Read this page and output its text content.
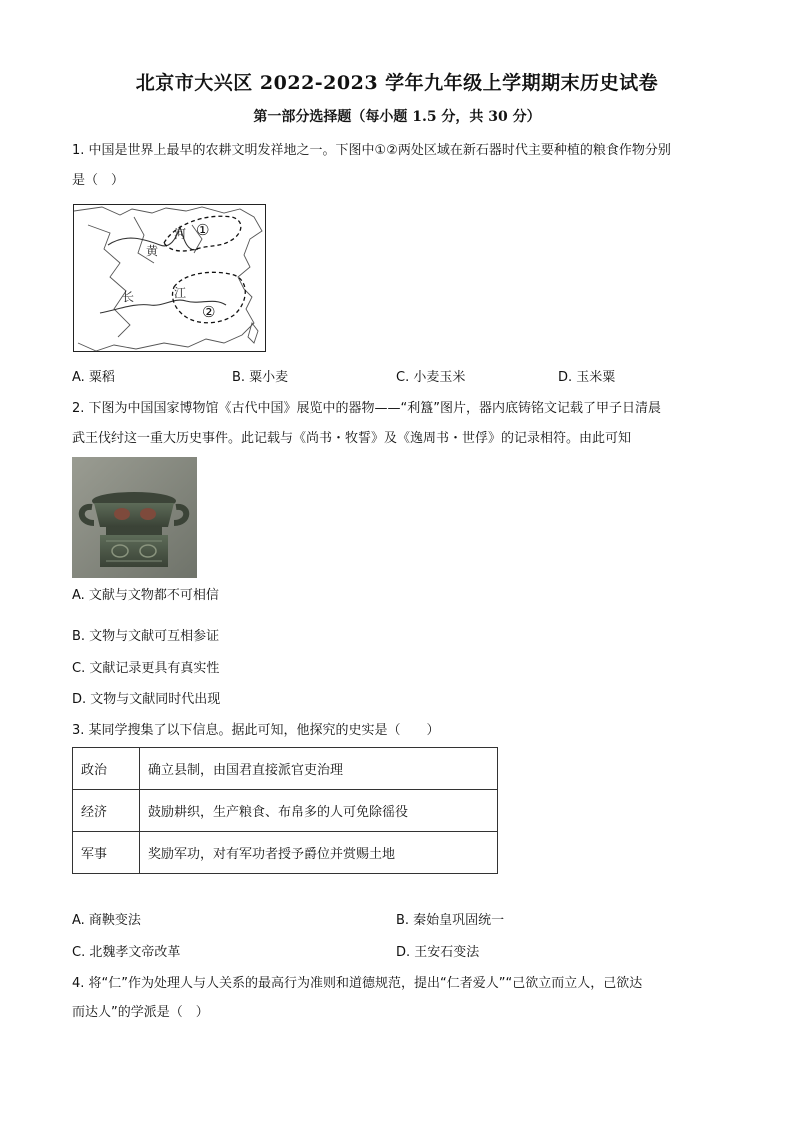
北京市大兴区 2022-2023 学年九年级上学期期末历史试卷
第一部分选择题（每小题 1.5 分，共 30 分）
1. 中国是世界上最早的农耕文明发祥地之一。下图中①②两处区域在新石器时代主要种植的粮食作物分别
是（　）
黄
河
长	江
①
②
A. 粟稻	B. 粟小麦	C. 小麦玉米	D. 玉米粟
2. 下图为中国国家博物馆《古代中国》展览中的器物——“利簋”图片，器内底铸铭文记载了甲子日清晨
武王伐纣这一重大历史事件。此记载与《尚书・牧誓》及《逸周书・世俘》的记录相符。由此可知
A. 文献与文物都不可相信
B. 文物与文献可互相参证
C. 文献记录更具有真实性
D. 文物与文献同时代出现
3. 某同学搜集了以下信息。据此可知，他探究的史实是（　　）
政治	确立县制，由国君直接派官吏治理
经济	鼓励耕织，生产粮食、布帛多的人可免除徭役
军事	奖励军功，对有军功者授予爵位并赏赐土地
A. 商鞅变法	B. 秦始皇巩固统一
C. 北魏孝文帝改革	D. 王安石变法
4. 将“仁”作为处理人与人关系的最高行为准则和道德规范，提出“仁者爱人”“己欲立而立人，己欲达
而达人”的学派是（　）
